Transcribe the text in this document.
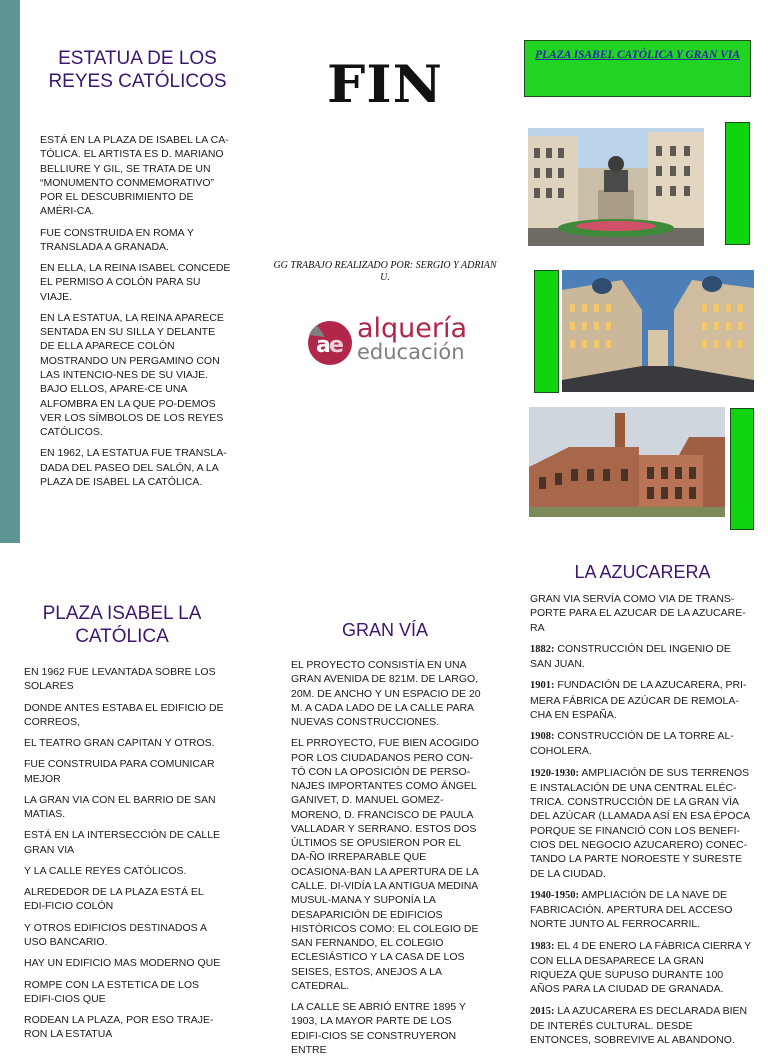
ESTATUA DE LOS REYES CATÓLICOS

ESTÁ EN LA PLAZA DE ISABEL LA CA-TÓLICA. EL ARTISTA ES D. MARIANO BELLIURE Y GIL, SE TRATA DE UN “MONUMENTO CONMEMORATIVO” POR EL DESCUBRIMIENTO DE AMÉRI-CA.

FUE CONSTRUIDA EN ROMA Y TRANSLADA A GRANADA.

EN ELLA, LA REINA ISABEL CONCEDE EL PERMISO A COLÓN PARA SU VIAJE.

EN LA ESTATUA, LA REINA APARECE SENTADA EN SU SILLA Y DELANTE DE ELLA APARECE COLÓN MOSTRANDO UN PERGAMINO CON LAS INTENCIO-NES DE SU VIAJE. BAJO ELLOS, APARE-CE UNA ALFOMBRA EN LA QUE PO-DEMOS VER LOS SÍMBOLOS DE LOS REYES CATÓLICOS.

EN 1962, LA ESTATUA FUE TRANSLA-DADA DEL PASEO DEL SALÓN, A LA PLAZA DE ISABEL LA CATÓLICA.

FIN
GG TRABAJO REALIZADO POR: SERGIO Y ADRIAN U.
a
e
alquería
educación
PLAZA ISABEL CATÓLICA Y GRAN VIA
PLAZA ISABEL LA CATÓLICA

EN 1962 FUE LEVANTADA SOBRE LOS SOLARES

DONDE ANTES ESTABA EL EDIFICIO DE CORREOS,

EL TEATRO GRAN CAPITAN Y OTROS.

FUE CONSTRUIDA PARA COMUNICAR MEJOR

LA GRAN VIA CON EL BARRIO DE SAN MATIAS.

ESTÁ EN LA INTERSECCIÓN DE CALLE GRAN VIA

Y LA CALLE REYES CATÓLICOS.

ALREDEDOR DE LA PLAZA ESTÁ EL EDI-FICIO COLÓN

Y OTROS EDIFICIOS DESTINADOS A USO BANCARIO.

HAY UN EDIFICIO MAS MODERNO QUE

ROMPE CON LA ESTETICA DE LOS EDIFI-CIOS QUE

RODEAN LA PLAZA, POR ESO TRAJE-RON LA ESTATUA

GRAN VÍA

EL PROYECTO CONSISTÍA EN UNA GRAN AVENIDA DE 821M. DE LARGO, 20M. DE ANCHO Y UN ESPACIO DE 20 M. A CADA LADO DE LA CALLE PARA NUEVAS CONSTRUCCIONES.

EL PRROYECTO, FUE BIEN ACOGIDO POR LOS CIUDADANOS PERO CON-TÓ CON LA OPOSICIÓN DE PERSO-NAJES IMPORTANTES COMO ÁNGEL GANIVET, D. MANUEL GOMEZ-MORENO, D. FRANCISCO DE PAULA VALLADAR Y SERRANO. ESTOS DOS ÚLTIMOS SE OPUSIERON POR EL DA-ÑO IRREPARABLE QUE OCASIONA-BAN LA APERTURA DE LA CALLE. DI-VIDÍA LA ANTIGUA MEDINA MUSUL-MANA Y SUPONÍA LA DESAPARICIÓN DE EDIFICIOS HISTÓRICOS COMO: EL COLEGIO DE SAN FERNANDO, EL COLEGIO ECLESIÁSTICO Y LA CASA DE LOS SEISES, ESTOS, ANEJOS A LA CATEDRAL.

LA CALLE SE ABRIÓ ENTRE 1895 Y 1903, LA MAYOR PARTE DE LOS EDIFI-CIOS SE CONSTRUYERON ENTRE

LA AZUCARERA

GRAN VIA SERVÍA COMO VIA DE TRANS-PORTE PARA EL AZUCAR DE LA AZUCARE-RA

1882: CONSTRUCCIÓN DEL INGENIO DE SAN JUAN.

1901: FUNDACIÓN DE LA AZUCARERA, PRI-MERA FÁBRICA DE AZÚCAR DE REMOLA-CHA EN ESPAÑA.

1908: CONSTRUCCIÓN DE LA TORRE AL-COHOLERA.

1920-1930: AMPLIACIÓN DE SUS TERRENOS E INSTALACIÓN DE UNA CENTRAL ELÉC-TRICA. CONSTRUCCIÓN DE LA GRAN VÍA DEL AZÚCAR (LLAMADA ASÍ EN ESA ÉPOCA PORQUE SE FINANCIÓ CON LOS BENEFI-CIOS DEL NEGOCIO AZUCARERO) CONEC-TANDO LA PARTE NOROESTE Y SURESTE DE LA CIUDAD.

1940-1950: AMPLIACIÓN DE LA NAVE DE FABRICACIÓN. APERTURA DEL ACCESO NORTE JUNTO AL FERROCARRIL.

1983: EL 4 DE ENERO LA FÁBRICA CIERRA Y CON ELLA DESAPARECE LA GRAN RIQUEZA QUE SUPUSO DURANTE 100 AÑOS PARA LA CIUDAD DE GRANADA.

2015: LA AZUCARERA ES DECLARADA BIEN DE INTERÉS CULTURAL. DESDE ENTONCES, SOBREVIVE AL ABANDONO.
